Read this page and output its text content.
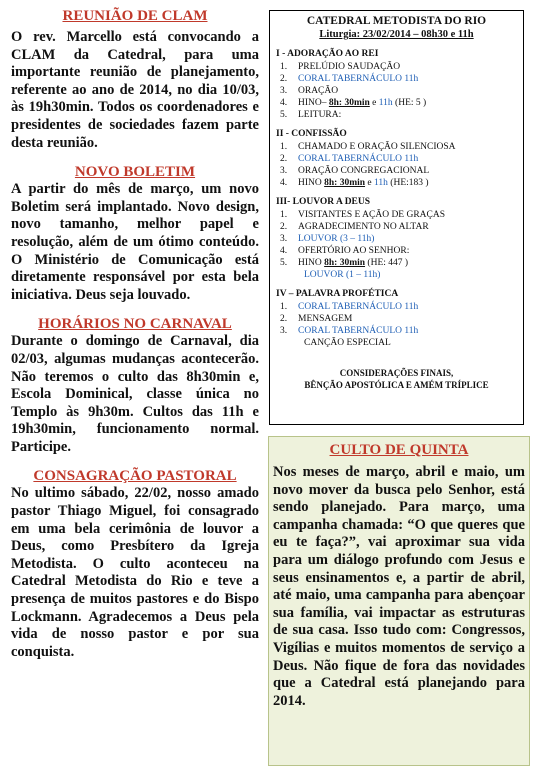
REUNIÃO DE CLAM

O rev. Marcello está convocando a CLAM da Catedral, para uma importante reunião de planejamento, referente ao ano de 2014, no dia 10/03, às 19h30min. Todos os coordenadores e presidentes de sociedades fazem parte desta reunião.

NOVO BOLETIM

A partir do mês de março, um novo Boletim será implantado. Novo design, novo tamanho, melhor papel e resolução, além de um ótimo conteúdo. O Ministério de Comunicação está diretamente responsável por esta bela iniciativa. Deus seja louvado.

HORÁRIOS NO CARNAVAL

Durante o domingo de Carnaval, dia 02/03, algumas mudanças acontecerão. Não teremos o culto das 8h30min e, Escola Dominical, classe única no Templo às 9h30m. Cultos das 11h e 19h30min, funcionamento normal. Participe.

CONSAGRAÇÃO PASTORAL

No ultimo sábado, 22/02, nosso amado pastor Thiago Miguel, foi consagrado em uma bela cerimônia de louvor a Deus, como Presbítero da Igreja Metodista. O culto aconteceu na Catedral Metodista do Rio e teve a presença de muitos pastores e do Bispo Lockmann. Agradecemos a Deus pela vida de nosso pastor e por sua conquista.

CATEDRAL METODISTA DO RIO
Liturgia: 23/02/2014 – 08h30 e 11h
I - ADORAÇÃO AO REI
1. PRELÚDIO SAUDAÇÃO
2. CORAL TABERNÁCULO 11h
3. ORAÇÃO
4. HINO– 8h: 30min e 11h (HE: 5 )
5. LEITURA:
II - CONFISSÃO
1. CHAMADO E ORAÇÃO SILENCIOSA
2. CORAL TABERNÁCULO 11h
3. ORAÇÃO CONGREGACIONAL
4. HINO 8h: 30min e 11h (HE:183 )
III- LOUVOR A DEUS
1. VISITANTES E AÇÃO DE GRAÇAS
2. AGRADECIMENTO NO ALTAR
3. LOUVOR (3 – 11h)
4. OFERTÓRIO AO SENHOR:
5. HINO 8h: 30min (HE: 447 )
LOUVOR (1 – 11h)
IV – PALAVRA PROFÉTICA
1. CORAL TABERNÁCULO 11h
2. MENSAGEM
3. CORAL TABERNÁCULO 11h
CANÇÃO ESPECIAL
CONSIDERAÇÕES FINAIS,
BÊNÇÃO APOSTÓLICA E AMÉM TRÍPLICE
CULTO DE QUINTA

Nos meses de março, abril e maio, um novo mover da busca pelo Senhor, está sendo planejado. Para março, uma campanha chamada: “O que queres que eu te faça?”, vai aproximar sua vida para um diálogo profundo com Jesus e seus ensinamentos e, a partir de abril, até maio, uma campanha para abençoar sua família, vai impactar as estruturas de sua casa. Isso tudo com: Congressos, Vigílias e muitos momentos de serviço a Deus. Não fique de fora das novidades que a Catedral está planejando para 2014.
